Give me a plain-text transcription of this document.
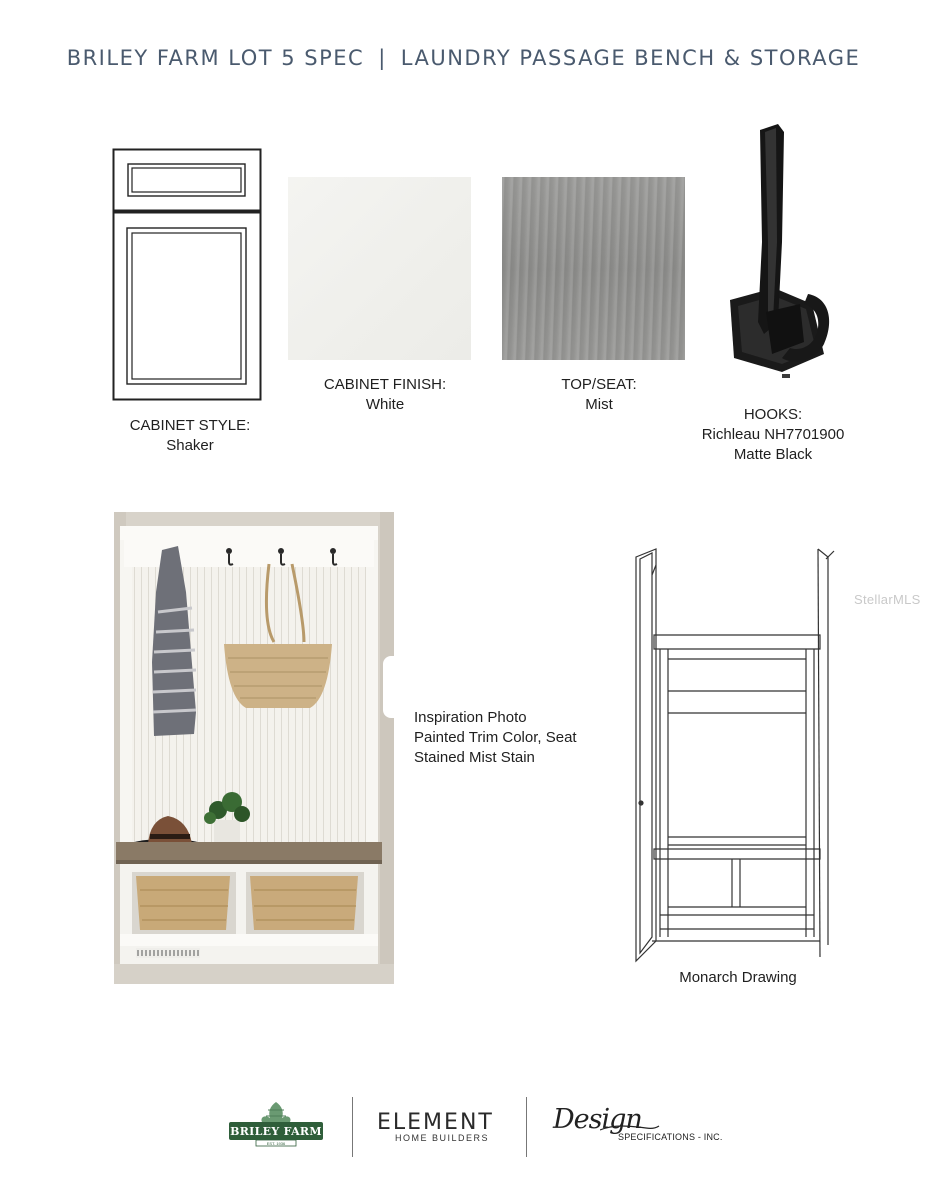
BRILEY FARM LOT 5 SPEC | LAUNDRY PASSAGE BENCH & STORAGE
CABINET STYLE:
Shaker
CABINET FINISH:
White
TOP/SEAT:
Mist
HOOKS:
Richleau NH7701900
Matte Black
Inspiration Photo
Painted Trim Color, Seat
Stained Mist Stain
StellarMLS
Monarch Drawing
BRILEY FARM
EST. 1936
ELEMENT
HOME BUILDERS
Design
SPECIFICATIONS - INC.
